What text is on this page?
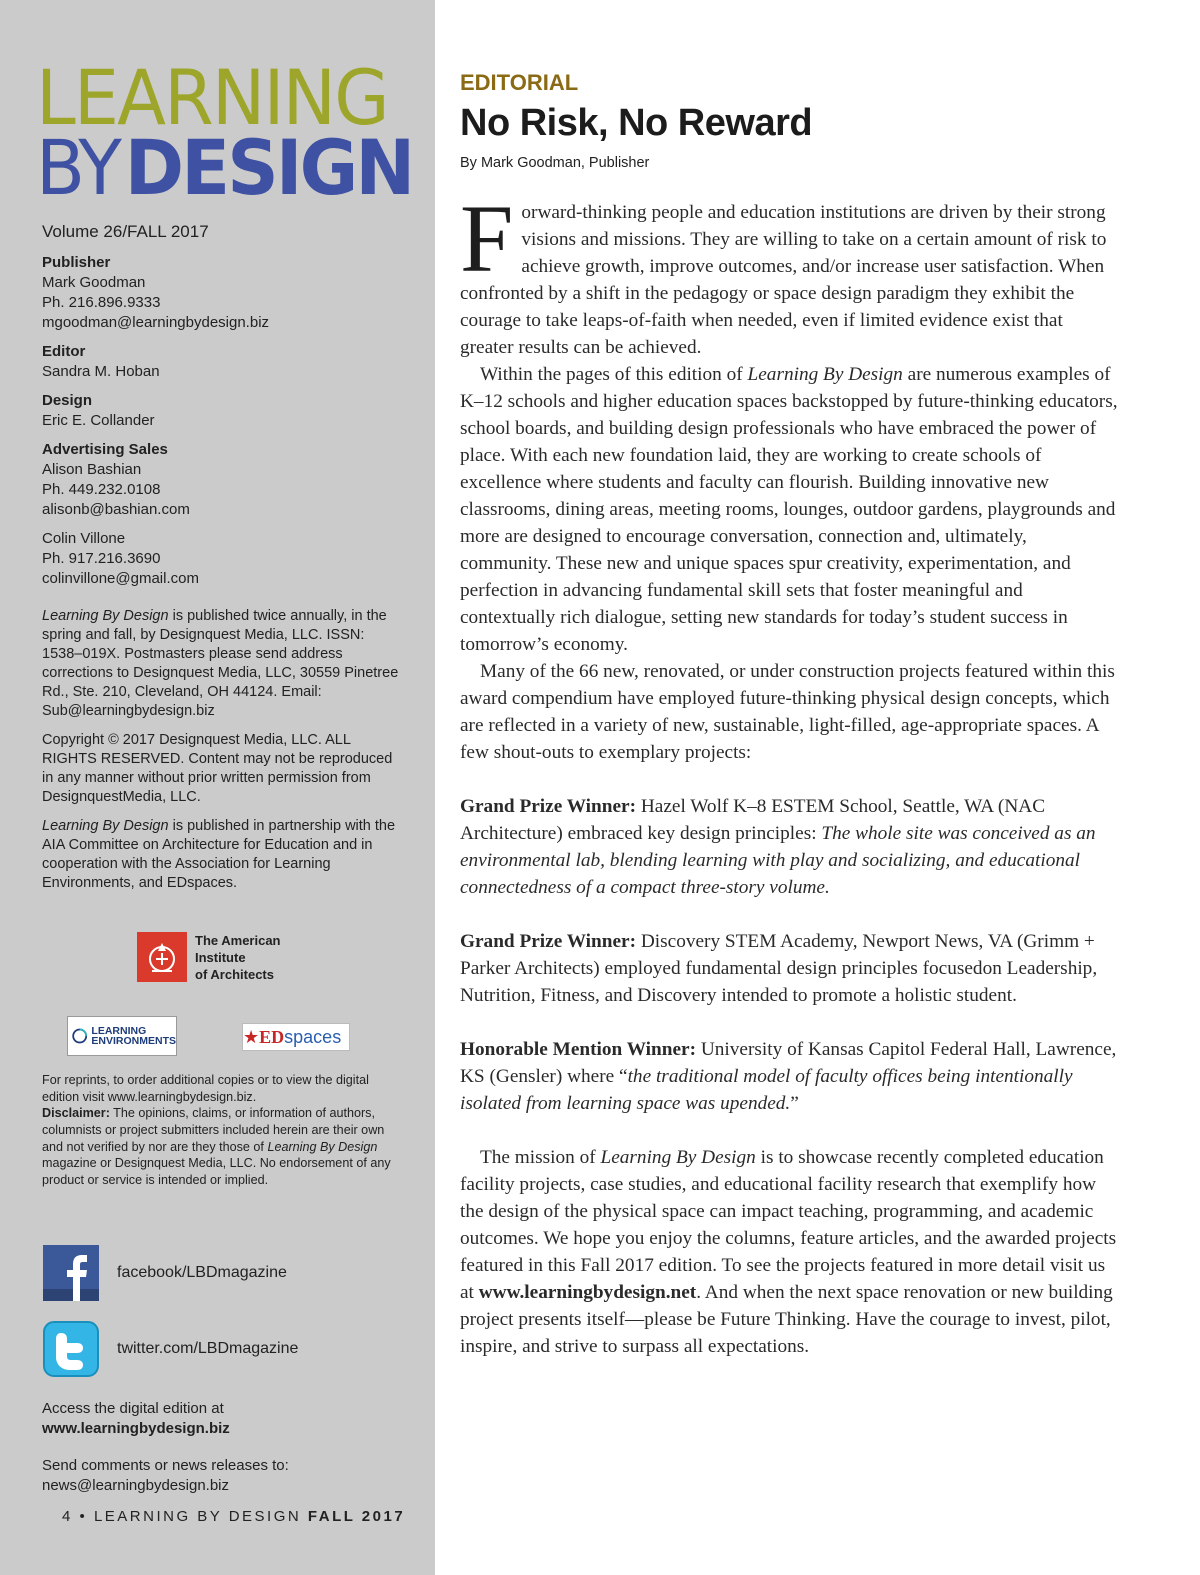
LEARNING
BYDESIGN
Volume 26/FALL 2017
Publisher
Mark Goodman
Ph. 216.896.9333
mgoodman@learningbydesign.biz
Editor
Sandra M. Hoban
Design
Eric E. Collander
Advertising Sales
Alison Bashian
Ph. 449.232.0108
alisonb@bashian.com
Colin Villone
Ph. 917.216.3690
colinvillone@gmail.com
Learning By Design is published twice annually, in the spring and fall, by Designquest Media, LLC. ISSN: 1538–019X. Postmasters please send address corrections to Designquest Media, LLC, 30559 Pinetree Rd., Ste. 210, Cleveland, OH 44124. Email: Sub@learningbydesign.biz
Copyright © 2017 Designquest Media, LLC. ALL RIGHTS RESERVED. Content may not be reproduced in any manner without prior written permission from DesignquestMedia, LLC.
Learning By Design is published in partnership with the AIA Committee on Architecture for Education and in cooperation with the Association for Learning Environments, and EDspaces.
The American
Institute
of Architects
LEARNING
ENVIRONMENTS	★EDspaces
For reprints, to order additional copies or to view the digital edition visit www.learningbydesign.biz.
Disclaimer: The opinions, claims, or information of authors, columnists or project submitters included herein are their own and not verified by nor are they those of Learning By Design magazine or Designquest Media, LLC. No endorsement of any product or service is intended or implied.
facebook/LBDmagazine
twitter.com/LBDmagazine
Access the digital edition at
www.learningbydesign.biz
Send comments or news releases to:
news@learningbydesign.biz
4 • LEARNING BY DESIGN FALL 2017
EDITORIAL
No Risk, No Reward
By Mark Goodman, Publisher

Forward-thinking people and education institutions are driven by their strong visions and missions. They are willing to take on a certain amount of risk to achieve growth, improve outcomes, and/or increase user satisfaction. When confronted by a shift in the pedagogy or space design paradigm they exhibit the courage to take leaps-of-faith when needed, even if limited evidence exist that greater results can be achieved.

Within the pages of this edition of Learning By Design are numerous examples of K–12 schools and higher education spaces backstopped by future-thinking educators, school boards, and building design professionals who have embraced the power of place. With each new foundation laid, they are working to create schools of excellence where students and faculty can flourish. Building innovative new classrooms, dining areas, meeting rooms, lounges, outdoor gardens, playgrounds and more are designed to encourage conversation, connection and, ultimately, community. These new and unique spaces spur creativity, experimentation, and perfection in advancing fundamental skill sets that foster meaningful and contextually rich dialogue, setting new standards for today’s student success in tomorrow’s economy.

Many of the 66 new, renovated, or under construction projects featured within this award compendium have employed future-thinking physical design concepts, which are reflected in a variety of new, sustainable, light-filled, age-appropriate spaces. A few shout-outs to exemplary projects:

Grand Prize Winner: Hazel Wolf K–8 ESTEM School, Seattle, WA (NAC Architecture) embraced key design principles: The whole site was conceived as an environmental lab, blending learning with play and socializing, and educational connectedness of a compact three-story volume.

Grand Prize Winner: Discovery STEM Academy, Newport News, VA (Grimm + Parker Architects) employed fundamental design principles focusedon Leadership, Nutrition, Fitness, and Discovery intended to promote a holistic student.

Honorable Mention Winner: University of Kansas Capitol Federal Hall, Lawrence, KS (Gensler) where “the traditional model of faculty offices being intentionally isolated from learning space was upended.”

The mission of Learning By Design is to showcase recently completed education facility projects, case studies, and educational facility research that exemplify how the design of the physical space can impact teaching, programming, and academic outcomes. We hope you enjoy the columns, feature articles, and the awarded projects featured in this Fall 2017 edition. To see the projects featured in more detail visit us at www.learningbydesign.net. And when the next space renovation or new building project presents itself—please be Future Thinking. Have the courage to invest, pilot, inspire, and strive to surpass all expectations.
